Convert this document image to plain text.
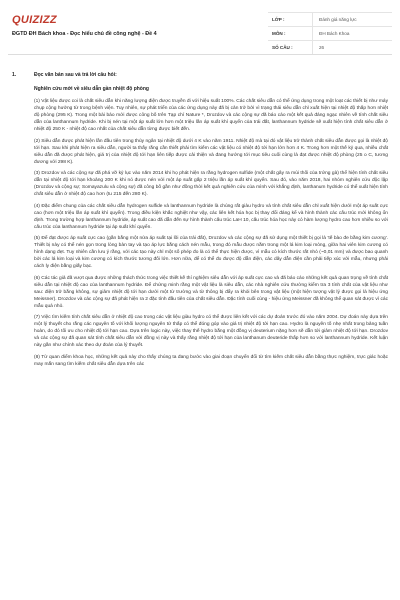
QUIZIZZ
ĐGTD ĐH Bách khoa - Đọc hiểu chủ đề công nghệ - Đề 4
LỚP :	Đánh giá năng lực
MÔN :	ĐH Bách Khoa
SỐ CÂU :	26
1.	Đọc văn bản sau và trả lời câu hỏi:
Nghiên cứu mới về siêu dẫn gần nhiệt độ phòng

(1) Vật liệu được coi là chất siêu dẫn khi năng lượng điện được truyền đi với hiệu suất 100%. Các chất siêu dẫn có thể ứng dụng trong một loạt các thiết bị như máy chụp cộng hưởng từ trong bệnh viện. Tuy nhiên, sự phát triển của các ứng dụng này đã bị cản trở bởi vì trạng thái siêu dẫn chỉ xuất hiện tại nhiệt độ thấp hơn nhiệt độ phòng (295 K). Trong một bài báo mới được công bố trên Tạp chí Nature *, Drozdov và các cộng sự đã báo cáo một kết quả đáng ngạc nhiên về tính chất siêu dẫn của lanthannum hydride. Khi bị nén tại một áp suất lớn hơn một triệu lần áp suất khí quyển của trái đất, lanthannum hydride sẽ xuất hiện tính chất siêu dẫn ở nhiệt độ 250 K - nhiệt độ cao nhất của chất siêu dẫn từng được biết đến.

(2) Siêu dẫn được phát hiện lần đầu tiên trong thủy ngân tại nhiệt độ dưới 4 K vào năm 1911. Nhiệt độ mà tại đó vật liệu trở thành chất siêu dẫn được gọi là nhiệt độ tới hạn. Sau khi phát hiện ra siêu dẫn, người ta thấy rằng cần thiết phải tìm kiếm các vật liệu có nhiệt độ tới hạn lớn hơn 4 K. Trong hơn một thế kỷ qua, nhiều chất siêu dẫn đã được phát hiện, giá trị của nhiệt độ tới hạn liên tiếp được cải thiện và đang hướng tới mục tiêu cuối cùng là đạt được nhiệt độ phòng (25 o C, tương đương với 298 K).

(3) Drozdov và các cộng sự đã phá vỡ kỷ lục vào năm 2014 khi họ phát hiện ra rằng hydrogen sulfide (một chất gây ra mùi thối của trứng gà) thể hiện tính chất siêu dẫn tại nhiệt độ tới hạn khoảng 200 K khi nó được nén với một áp suất gấp 2 triệu lần áp suất khí quyển. Sau đó, vào năm 2018, hai nhóm nghiên cứu độc lập (Drozdov và cộng sự; Somayazulu và cộng sự) đã công bố gần như đồng thời kết quả nghiên cứu của mình với khẳng định, lanthanum hydride có thể xuất hiện tính chất siêu dẫn ở nhiệt độ cao hơn (tu 215 đến 280 K).

(4) Đặc điểm chung của các chất siêu dẫn hydrogen sulfide và lanthannum hydride là chúng rất giàu hydro và tính chất siêu dẫn chỉ xuất hiện dưới một áp suất cực cao (hơn một triệu lần áp suất khí quyển). Trong điều kiện khắc nghiệt như vậy, các liên kết hóa học bị thay đổi đáng kể và hình thành các cấu trúc mới không ổn định. Trong trường hợp lanthannum hydride, áp suất cao đã dẫn đến sự hình thành cấu trúc LaH 10, cấu trúc hóa học này có hàm lượng hydro cao hơn nhiều so với cấu trúc của lanthannum hydride tại áp suất khí quyển.

(5) Để đạt được áp suất cực cao (gần bằng một nửa áp suất tại lõi của trái đất), Drozdov và các cộng sự đã sử dụng một thiết bị gọi là 'tế bào đe bằng kim cương'. Thiết bị này có thể nén gọn trong lòng bàn tay và tạo áp lực bằng cách nén mẫu, trong đó mẫu được nằm trong một lá kim loại mỏng, giữa hai viên kim cương có hình dạng đẹt. Tuy nhiên cần lưu ý rằng, với các tạo này chỉ một số phép đo là có thể thực hiện được, vì mẫu có kích thước rất nhỏ (~0,01 mm) và được bao quanh bởi các lá kim loại và kim cương có kích thước tương đối lớn. Hơn nữa, để có thể đo được độ dẫn điện, các dây dẫn điện cần phải tiếp xúc với mẫu, nhưng phải cách ly điện bằng giấy bạc.

(6) Các tác giả đã vượt qua được những thách thức trong việc thiết kế thí nghiệm siêu dẫn với áp suất cực cao và đã báo cáo những kết quả quan trọng về tính chất siêu dẫn tại nhiệt độ cao của lanthannum hydride. Để chứng minh rằng một vật liệu là siêu dẫn, các nhà nghiên cứu thường kiểm tra 3 tính chất của vật liệu như sau: điện trở bằng không, sự giảm nhiệt độ tới hạn dưới một từ trường và từ thông bị đẩy ra khỏi bên trong vật liệu (một hiện tượng vật lý được gọi là hiệu ứng Meissner). Drozdov và các cộng sự đã phát hiện ra 2 đặc tính đầu tiên của chất siêu dẫn. Đặc tính cuối cùng - hiệu ứng Meissner đã không thể quan sát được vì các mẫu quá nhỏ.

(7) Việc tìm kiếm tính chất siêu dẫn ở nhiệt độ cao trong các vật liệu giàu hydro có thể được liên kết với các dự đoán trước đó vào năm 2004. Dự đoán này dựa trên một lý thuyết cho rằng các nguyên tố với khối lượng nguyên tử thấp có thể đóng góp vào giá trị nhiệt độ tới hạn cao. Hydro là nguyên tố nhẹ nhất trong bảng tuần hoàn, do đó tối ưu cho nhiệt độ tới hạn cao. Dựa trên logic này, việc thay thế hydro bằng một đồng vị deuterium nặng hơn sẽ dẫn tới giảm nhiệt độ tới hạn. Drozdov và các cộng sự đã quan sát tính chất siêu dẫn với đồng vị này và thấy rằng nhiệt độ tới hạn của lanthanum deuteride thấp hơn so với lanthannum hydride. Kết luận này gần như chính xác theo dự đoán của lý thuyết.

(8) Từ quan điểm khoa học, những kết quả này cho thấy chúng ta đang bước vào giai đoạn chuyển đổi từ tìm kiếm chất siêu dẫn bằng thực nghiệm, trực giác hoặc may mắn sang tìm kiếm chất siêu dẫn dựa trên các
